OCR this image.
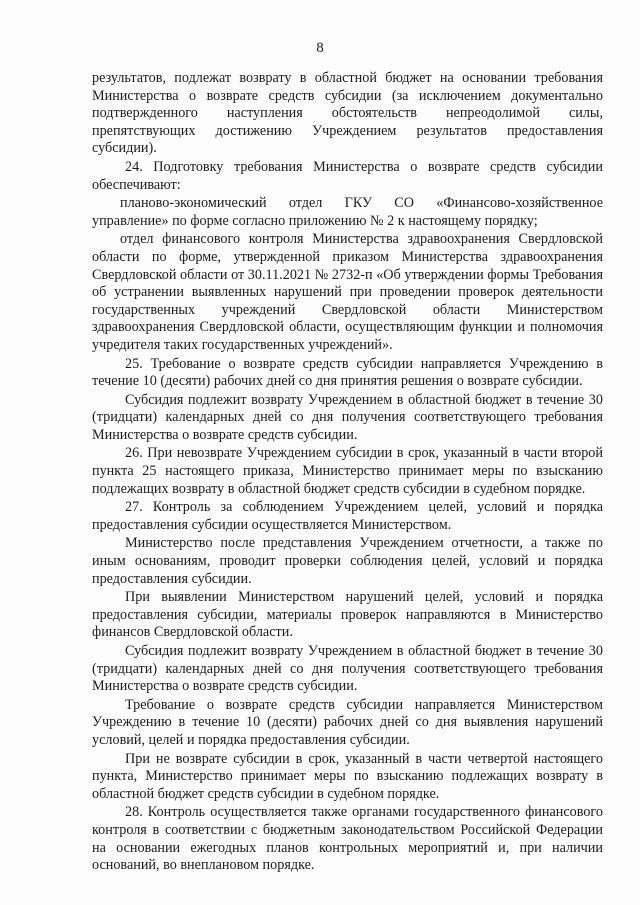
8

результатов, подлежат возврату в областной бюджет на основании требования Министерства о возврате средств субсидии (за исключением документально подтвержденного наступления обстоятельств непреодолимой силы, препятствующих достижению Учреждением результатов предоставления субсидии).

24. Подготовку требования Министерства о возврате средств субсидии обеспечивают:

планово-экономический отдел ГКУ СО «Финансово-хозяйственное управление» по форме согласно приложению № 2 к настоящему порядку;

отдел финансового контроля Министерства здравоохранения Свердловской области по форме, утвержденной приказом Министерства здравоохранения Свердловской области от 30.11.2021 № 2732-п «Об утверждении формы Требования об устранении выявленных нарушений при проведении проверок деятельности государственных учреждений Свердловской области Министерством здравоохранения Свердловской области, осуществляющим функции и полномочия учредителя таких государственных учреждений».

25. Требование о возврате средств субсидии направляется Учреждению в течение 10 (десяти) рабочих дней со дня принятия решения о возврате субсидии.

Субсидия подлежит возврату Учреждением в областной бюджет в течение 30 (тридцати) календарных дней со дня получения соответствующего требования Министерства о возврате средств субсидии.

26. При невозврате Учреждением субсидии в срок, указанный в части второй пункта 25 настоящего приказа, Министерство принимает меры по взысканию подлежащих возврату в областной бюджет средств субсидии в судебном порядке.

27. Контроль за соблюдением Учреждением целей, условий и порядка предоставления субсидии осуществляется Министерством.

Министерство после представления Учреждением отчетности, а также по иным основаниям, проводит проверки соблюдения целей, условий и порядка предоставления субсидии.

При выявлении Министерством нарушений целей, условий и порядка предоставления субсидии, материалы проверок направляются в Министерство финансов Свердловской области.

Субсидия подлежит возврату Учреждением в областной бюджет в течение 30 (тридцати) календарных дней со дня получения соответствующего требования Министерства о возврате средств субсидии.

Требование о возврате средств субсидии направляется Министерством Учреждению в течение 10 (десяти) рабочих дней со дня выявления нарушений условий, целей и порядка предоставления субсидии.

При не возврате субсидии в срок, указанный в части четвертой настоящего пункта, Министерство принимает меры по взысканию подлежащих возврату в областной бюджет средств субсидии в судебном порядке.

28. Контроль осуществляется также органами государственного финансового контроля в соответствии с бюджетным законодательством Российской Федерации на основании ежегодных планов контрольных мероприятий и, при наличии оснований, во внеплановом порядке.
